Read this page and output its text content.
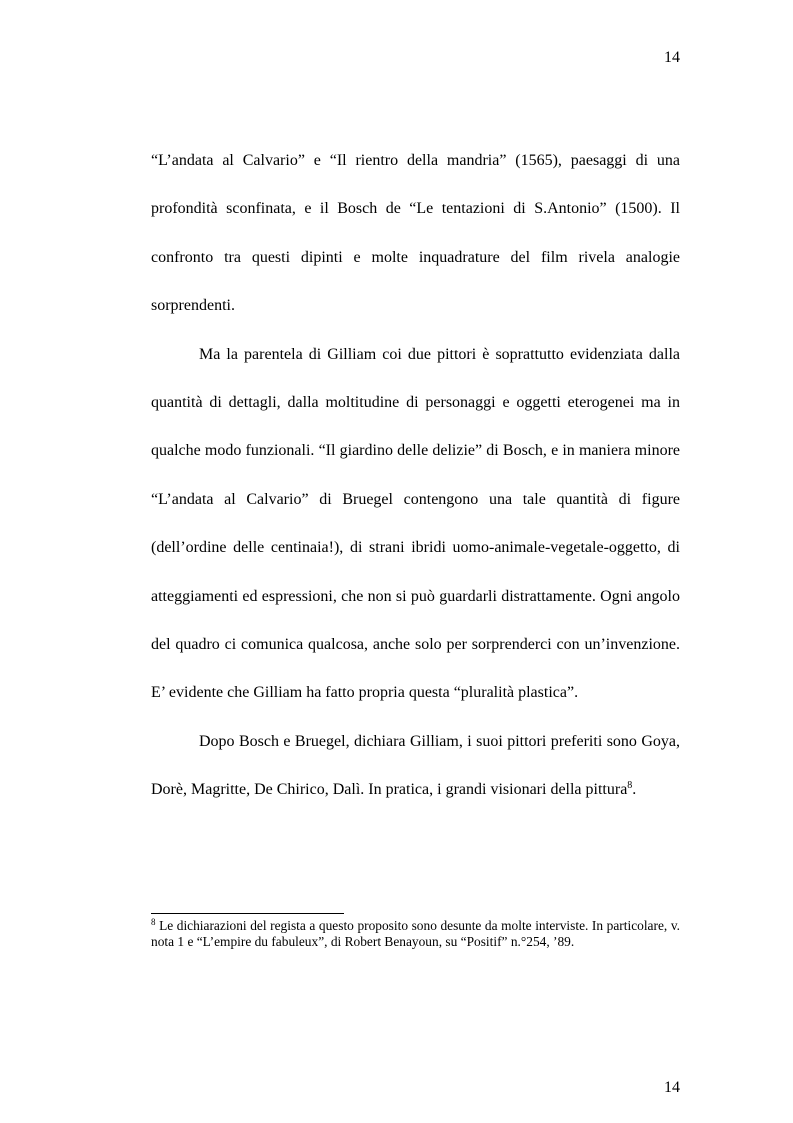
14

“L’andata al Calvario” e “Il rientro della mandria” (1565), paesaggi di una profondità sconfinata, e il Bosch de “Le tentazioni di S.Antonio” (1500). Il confronto tra questi dipinti e molte inquadrature del film rivela analogie sorprendenti.

Ma la parentela di Gilliam coi due pittori è soprattutto evidenziata dalla quantità di dettagli, dalla moltitudine di personaggi e oggetti eterogenei ma in qualche modo funzionali. “Il giardino delle delizie” di Bosch, e in maniera minore “L’andata al Calvario” di Bruegel contengono una tale quantità di figure (dell’ordine delle centinaia!), di strani ibridi uomo-animale-vegetale-oggetto, di atteggiamenti ed espressioni, che non si può guardarli distrattamente. Ogni angolo del quadro ci comunica qualcosa, anche solo per sorprenderci con un’invenzione. E’ evidente che Gilliam ha fatto propria questa “pluralità plastica”.

Dopo Bosch e Bruegel, dichiara Gilliam, i suoi pittori preferiti sono Goya, Dorè, Magritte, De Chirico, Dalì. In pratica, i grandi visionari della pittura$^8$.

$^8$ Le dichiarazioni del regista a questo proposito sono desunte da molte interviste. In particolare, v. nota 1 e “L’empire du fabuleux”, di Robert Benayoun, su “Positif” n.°254, ’89.
14
